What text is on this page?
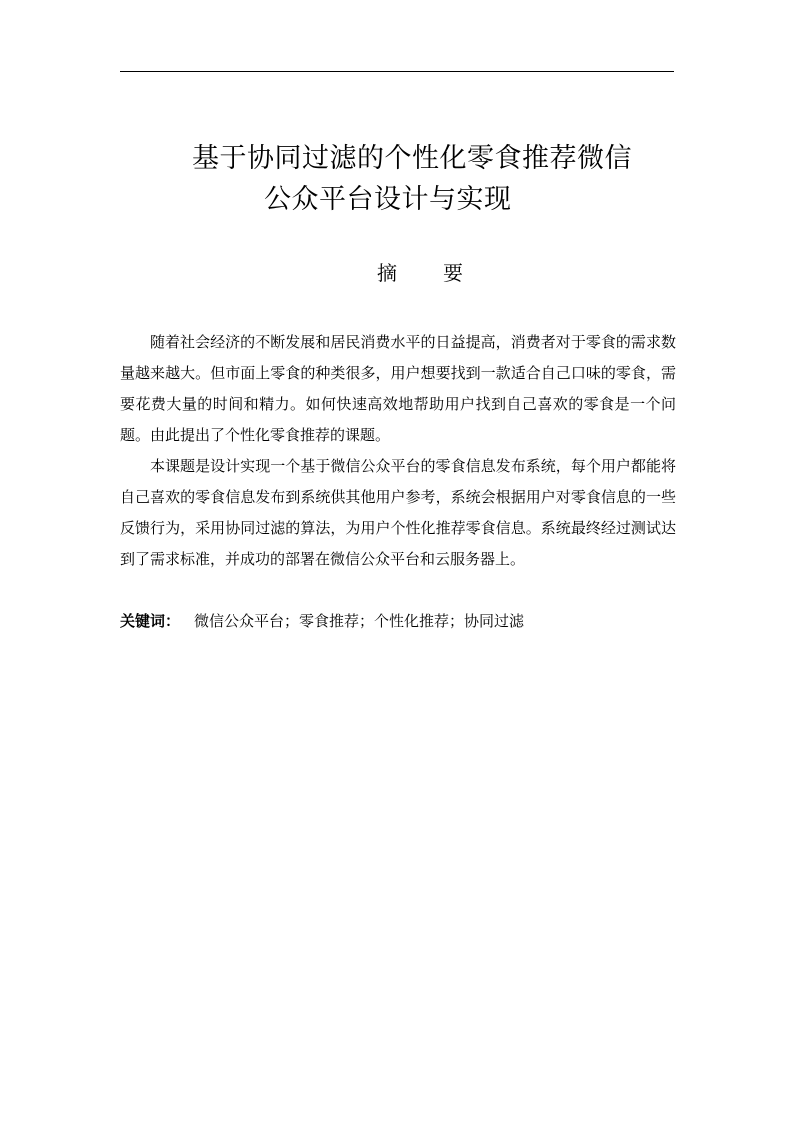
基于协同过滤的个性化零食推荐微信
公众平台设计与实现
摘要

随着社会经济的不断发展和居民消费水平的日益提高，消费者对于零食的需求数量越来越大。但市面上零食的种类很多，用户想要找到一款适合自己口味的零食，需要花费大量的时间和精力。如何快速高效地帮助用户找到自己喜欢的零食是一个问题。由此提出了个性化零食推荐的课题。

本课题是设计实现一个基于微信公众平台的零食信息发布系统，每个用户都能将自己喜欢的零食信息发布到系统供其他用户参考，系统会根据用户对零食信息的一些反馈行为，采用协同过滤的算法，为用户个性化推荐零食信息。系统最终经过测试达到了需求标准，并成功的部署在微信公众平台和云服务器上。

关键词： 微信公众平台；零食推荐；个性化推荐；协同过滤
